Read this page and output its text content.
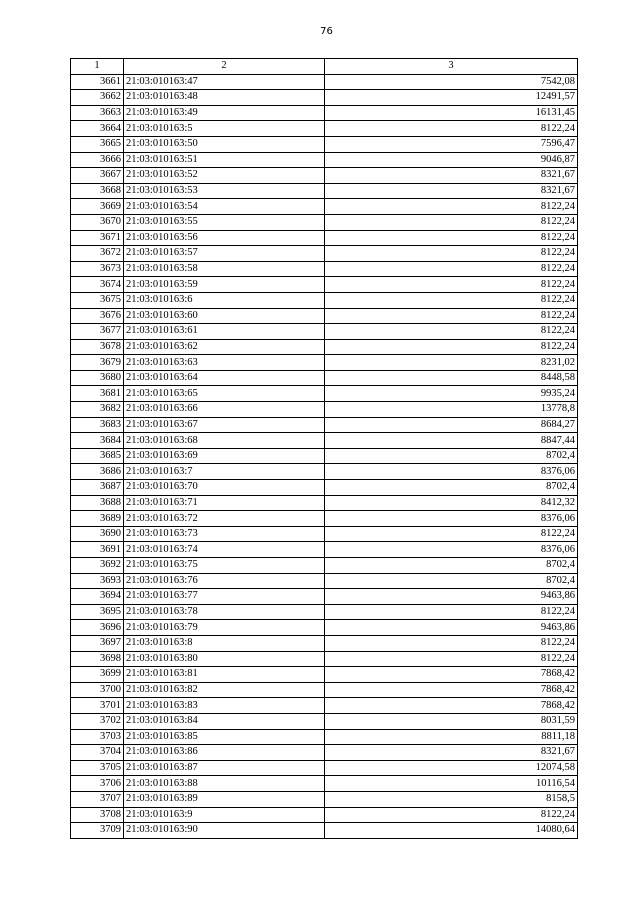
76
1	2	3
3661	21:03:010163:47	7542,08
3662	21:03:010163:48	12491,57
3663	21:03:010163:49	16131,45
3664	21:03:010163:5	8122,24
3665	21:03:010163:50	7596,47
3666	21:03:010163:51	9046,87
3667	21:03:010163:52	8321,67
3668	21:03:010163:53	8321,67
3669	21:03:010163:54	8122,24
3670	21:03:010163:55	8122,24
3671	21:03:010163:56	8122,24
3672	21:03:010163:57	8122,24
3673	21:03:010163:58	8122,24
3674	21:03:010163:59	8122,24
3675	21:03:010163:6	8122,24
3676	21:03:010163:60	8122,24
3677	21:03:010163:61	8122,24
3678	21:03:010163:62	8122,24
3679	21:03:010163:63	8231,02
3680	21:03:010163:64	8448,58
3681	21:03:010163:65	9935,24
3682	21:03:010163:66	13778,8
3683	21:03:010163:67	8684,27
3684	21:03:010163:68	8847,44
3685	21:03:010163:69	8702,4
3686	21:03:010163:7	8376,06
3687	21:03:010163:70	8702,4
3688	21:03:010163:71	8412,32
3689	21:03:010163:72	8376,06
3690	21:03:010163:73	8122,24
3691	21:03:010163:74	8376,06
3692	21:03:010163:75	8702,4
3693	21:03:010163:76	8702,4
3694	21:03:010163:77	9463,86
3695	21:03:010163:78	8122,24
3696	21:03:010163:79	9463,86
3697	21:03:010163:8	8122,24
3698	21:03:010163:80	8122,24
3699	21:03:010163:81	7868,42
3700	21:03:010163:82	7868,42
3701	21:03:010163:83	7868,42
3702	21:03:010163:84	8031,59
3703	21:03:010163:85	8811,18
3704	21:03:010163:86	8321,67
3705	21:03:010163:87	12074,58
3706	21:03:010163:88	10116,54
3707	21:03:010163:89	8158,5
3708	21:03:010163:9	8122,24
3709	21:03:010163:90	14080,64
